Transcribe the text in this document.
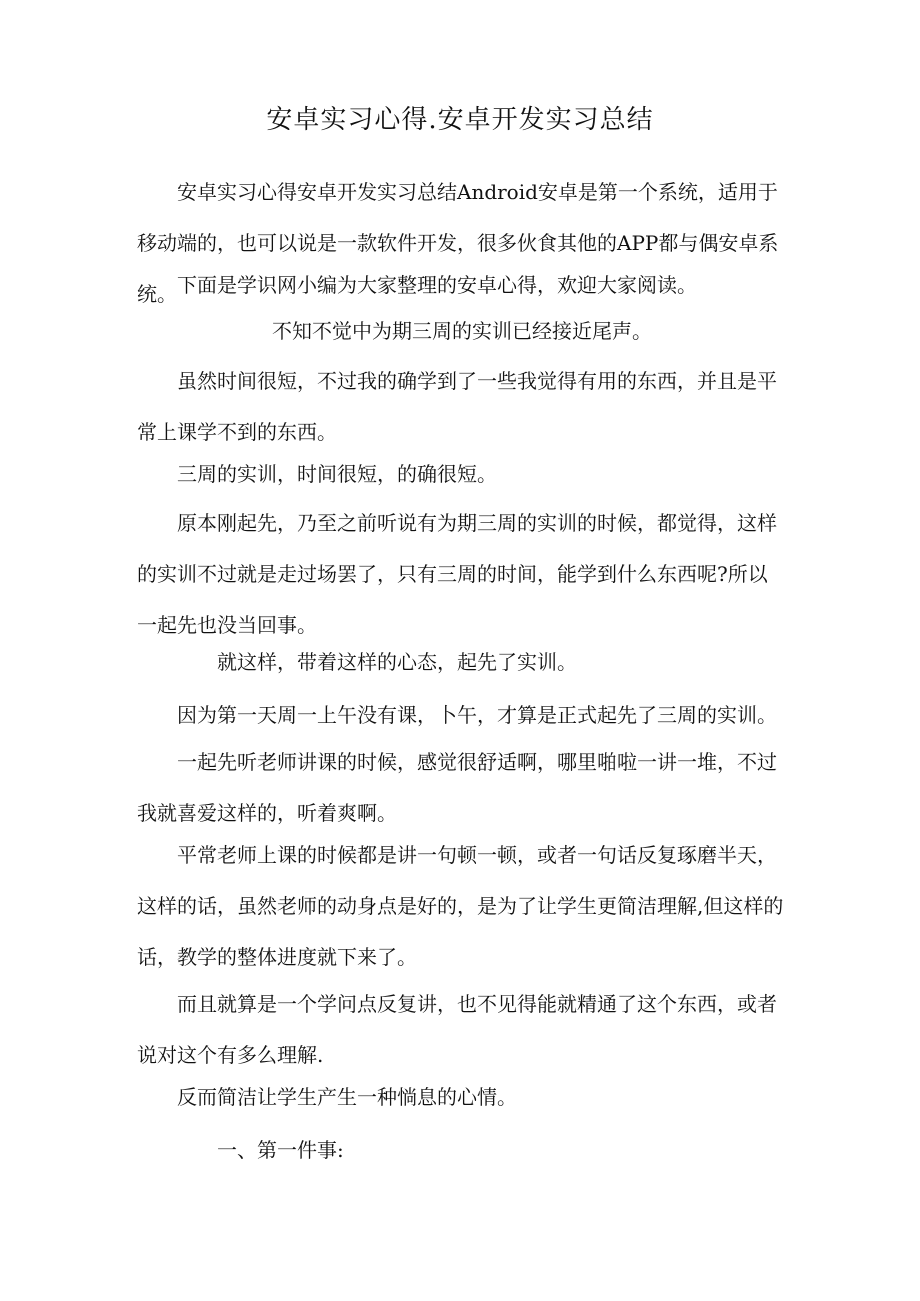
安卓实习心得.安卓开发实习总结

安卓实习心得安卓开发实习总结Android安卓是第一个系统，适用于移动端的，也可以说是一款软件开发，很多伙食其他的APP都与偶安卓系统。 下面是学识网小编为大家整理的安卓心得，欢迎大家阅读。

不知不觉中为期三周的实训已经接近尾声。

虽然时间很短，不过我的确学到了一些我觉得有用的东西，并且是平常上课学不到的东西。

三周的实训，时间很短，的确很短。

原本刚起先，乃至之前听说有为期三周的实训的时候，都觉得，这样的实训不过就是走过场罢了，只有三周的时间，能学到什么东西呢?所以一起先也没当回事。

就这样，带着这样的心态，起先了实训。

因为第一天周一上午没有课，卜午，才算是正式起先了三周的实训。

一起先听老师讲课的时候，感觉很舒适啊，哪里啪啦一讲一堆，不过我就喜爱这样的，听着爽啊。

平常老师上课的时候都是讲一句顿一顿，或者一句话反复琢磨半天，这样的话，虽然老师的动身点是好的，是为了让学生更简洁理解,但这样的话，教学的整体进度就下来了。

而且就算是一个学问点反复讲，也不见得能就精通了这个东西，或者说对这个有多么理解.

反而简洁让学生产生一种惝息的心情。

一、第一件事:
